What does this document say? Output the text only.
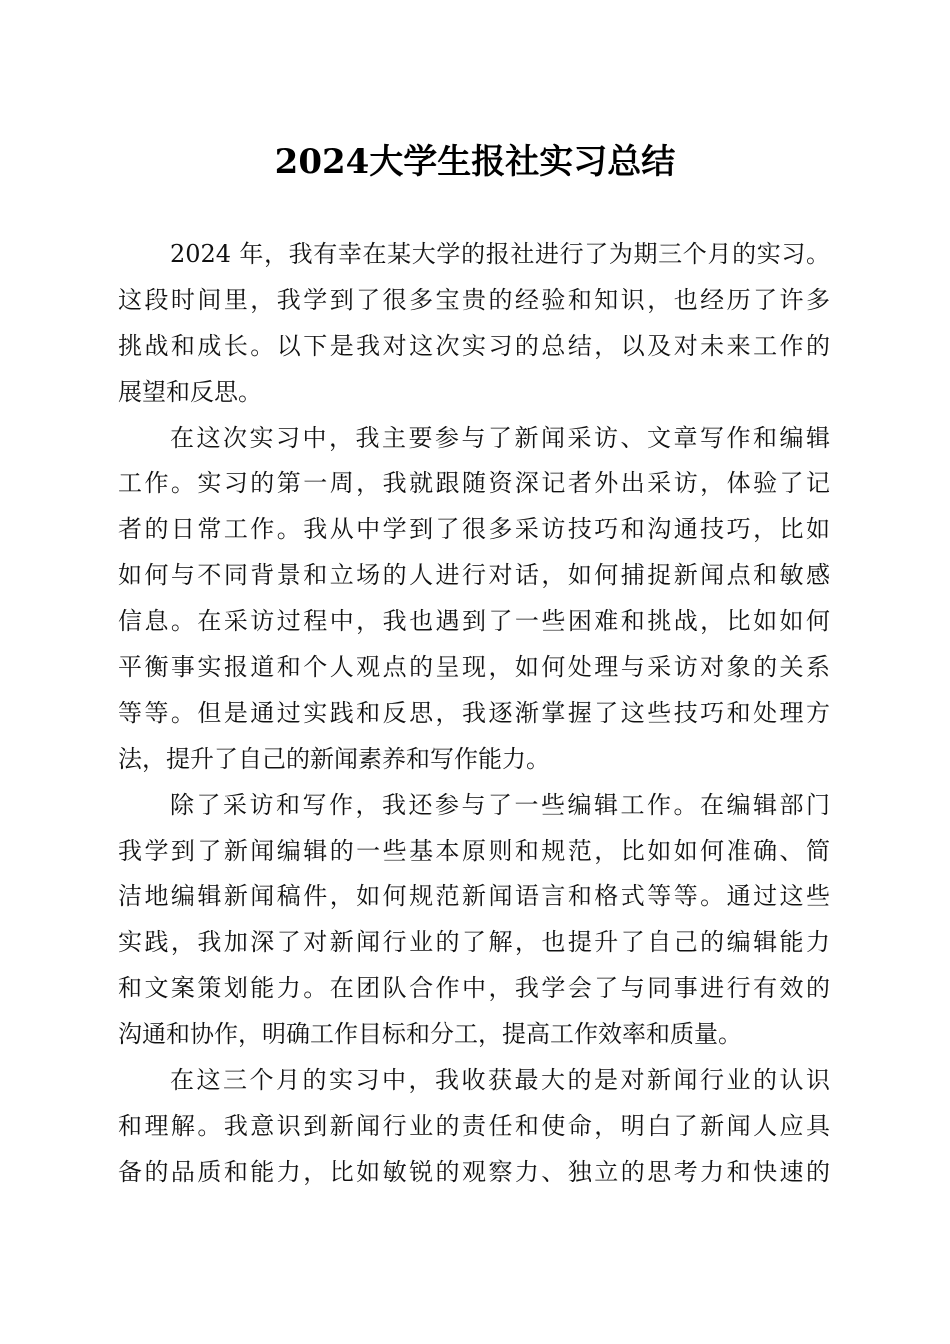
2024大学生报社实习总结

2024 年，我有幸在某大学的报社进行了为期三个月的实习。
这段时间里，我学到了很多宝贵的经验和知识，也经历了许多
挑战和成长。以下是我对这次实习的总结，以及对未来工作的
展望和反思。

在这次实习中，我主要参与了新闻采访、文章写作和编辑
工作。实习的第一周，我就跟随资深记者外出采访，体验了记
者的日常工作。我从中学到了很多采访技巧和沟通技巧，比如
如何与不同背景和立场的人进行对话，如何捕捉新闻点和敏感
信息。在采访过程中，我也遇到了一些困难和挑战，比如如何
平衡事实报道和个人观点的呈现，如何处理与采访对象的关系
等等。但是通过实践和反思，我逐渐掌握了这些技巧和处理方
法，提升了自己的新闻素养和写作能力。

除了采访和写作，我还参与了一些编辑工作。在编辑部门
我学到了新闻编辑的一些基本原则和规范，比如如何准确、简
洁地编辑新闻稿件，如何规范新闻语言和格式等等。通过这些
实践，我加深了对新闻行业的了解，也提升了自己的编辑能力
和文案策划能力。在团队合作中，我学会了与同事进行有效的
沟通和协作，明确工作目标和分工，提高工作效率和质量。

在这三个月的实习中，我收获最大的是对新闻行业的认识
和理解。我意识到新闻行业的责任和使命，明白了新闻人应具
备的品质和能力，比如敏锐的观察力、独立的思考力和快速的
